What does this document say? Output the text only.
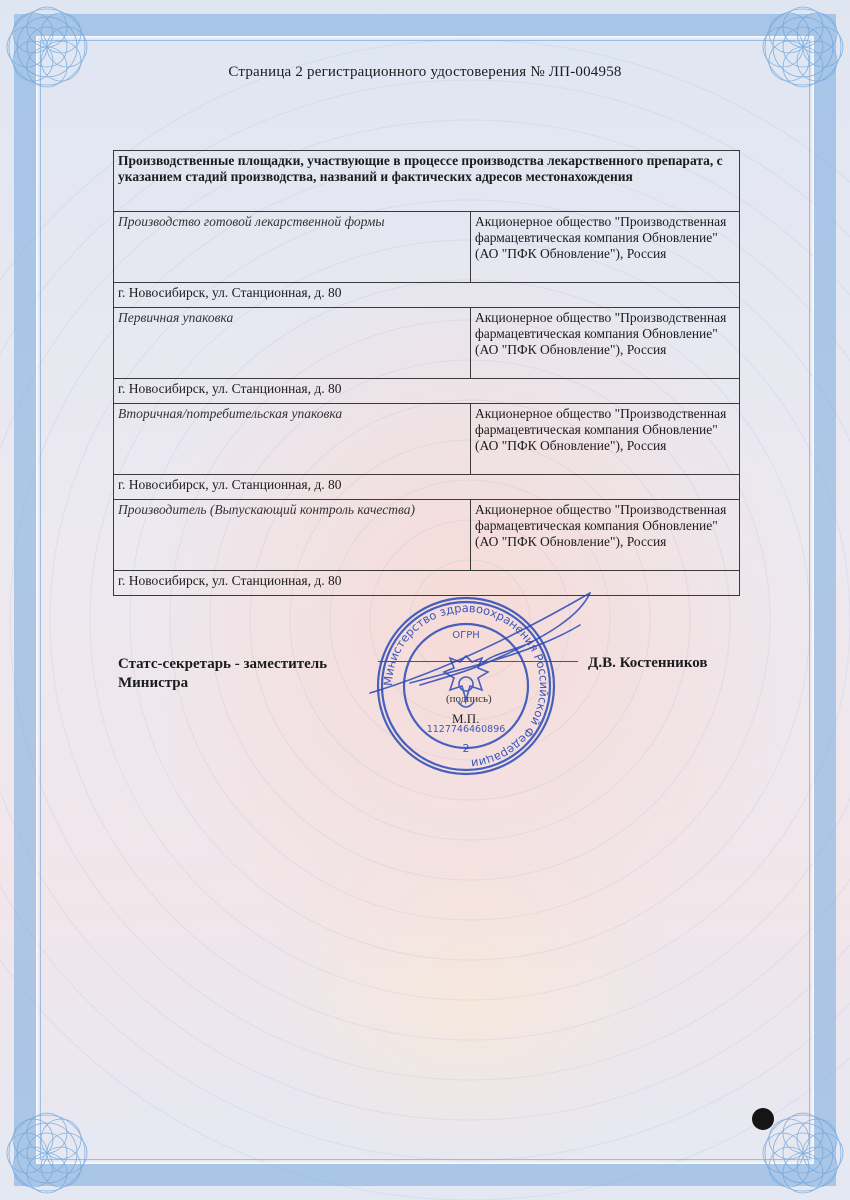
Страница 2 регистрационного удостоверения № ЛП-004958
Производственные площадки, участвующие в процессе производства лекарственного препарата, с указанием стадий производства, названий и фактических адресов местонахождения	
Производство готовой лекарственной формы	Акционерное общество "Производственная фармацевтическая компания Обновление" (АО "ПФК Обновление"), Россия
г. Новосибирск, ул. Станционная, д. 80	
Первичная упаковка	Акционерное общество "Производственная фармацевтическая компания Обновление" (АО "ПФК Обновление"), Россия
г. Новосибирск, ул. Станционная, д. 80	
Вторичная/потребительская упаковка	Акционерное общество "Производственная фармацевтическая компания Обновление" (АО "ПФК Обновление"), Россия
г. Новосибирск, ул. Станционная, д. 80	
Производитель (Выпускающий контроль качества)	Акционерное общество "Производственная фармацевтическая компания Обновление" (АО "ПФК Обновление"), Россия
г. Новосибирск, ул. Станционная, д. 80	
Статс-секретарь - заместитель
Министра
(подпись)
М.П.
Д.В. Костенников
Министерство здравоохранения Российской Федерации
ОГРН
1127746460896
2
